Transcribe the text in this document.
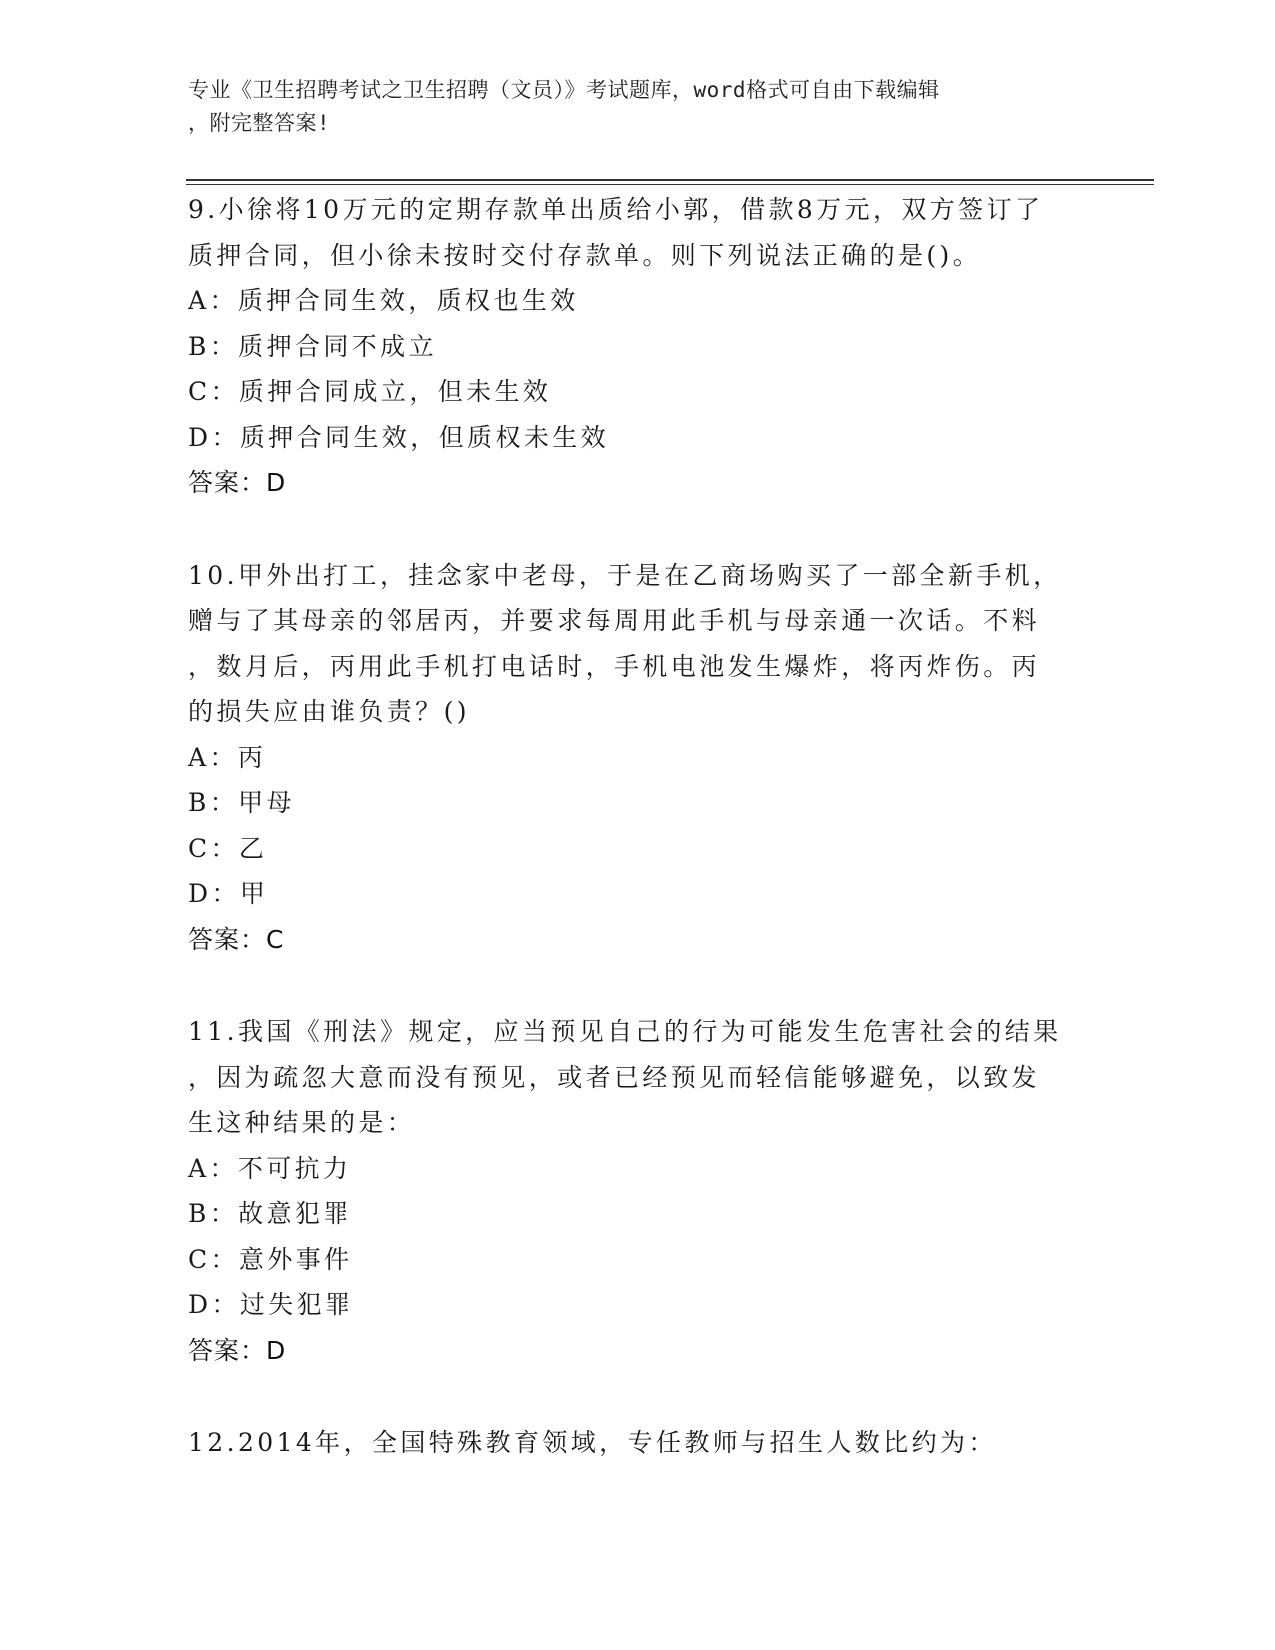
专业《卫生招聘考试之卫生招聘（文员）》考试题库，word格式可自由下载编辑
，附完整答案!

9.小徐将10万元的定期存款单出质给小郭，借款8万元，双方签订了
质押合同，但小徐未按时交付存款单。则下列说法正确的是()。

A：质押合同生效，质权也生效
B：质押合同不成立
C：质押合同成立，但未生效
D：质押合同生效，但质权未生效

答案：D

10.甲外出打工，挂念家中老母，于是在乙商场购买了一部全新手机，
赠与了其母亲的邻居丙，并要求每周用此手机与母亲通一次话。不料
，数月后，丙用此手机打电话时，手机电池发生爆炸，将丙炸伤。丙
的损失应由谁负责？()

A：丙
B：甲母
C：乙
D：甲

答案：C

11.我国《刑法》规定，应当预见自己的行为可能发生危害社会的结果
，因为疏忽大意而没有预见，或者已经预见而轻信能够避免，以致发
生这种结果的是：

A：不可抗力
B：故意犯罪
C：意外事件
D：过失犯罪

答案：D

12.2014年，全国特殊教育领域，专任教师与招生人数比约为：
